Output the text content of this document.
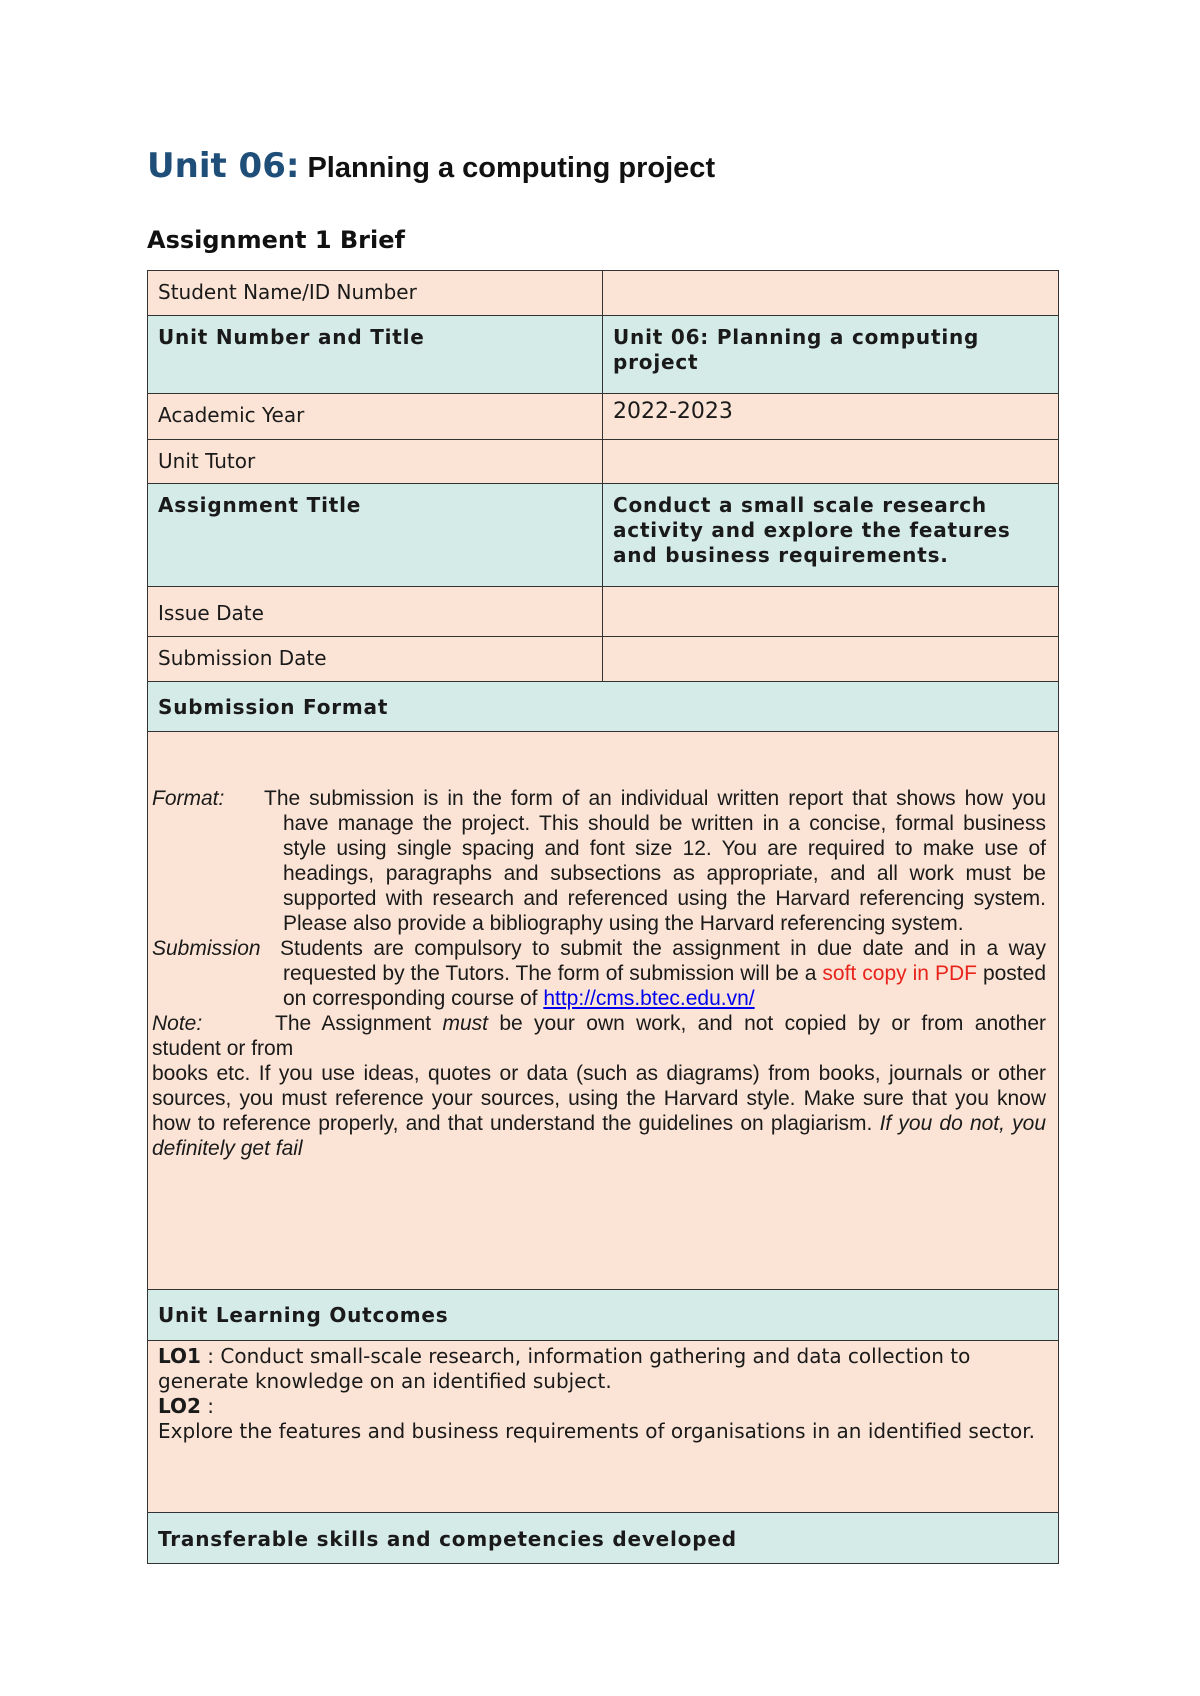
Unit 06: Planning a computing project
Assignment 1 Brief
Student Name/ID Number	
Unit Number and Title	Unit 06: Planning a computing project
Academic Year	2022-2023
Unit Tutor	
Assignment Title	Conduct a small scale research activity and explore the features and business requirements.
Issue Date	
Submission Date	
Submission Format	

Format: The submission is in the form of an individual written report that shows how you have manage the project. This should be written in a concise, formal business style using single spacing and font size 12. You are required to make use of headings, paragraphs and subsections as appropriate, and all work must be supported with research and referenced using the Harvard referencing system. Please also provide a bibliography using the Harvard referencing system.
Submission Students are compulsory to submit the assignment in due date and in a way requested by the Tutors. The form of submission will be a soft copy in PDF posted on corresponding course of http://cms.btec.edu.vn/
Note: The Assignment must be your own work, and not copied by or from another student or from
books etc. If you use ideas, quotes or data (such as diagrams) from books, journals or other sources, you must reference your sources, using the Harvard style. Make sure that you know how to reference properly, and that understand the guidelines on plagiarism. If you do not, you definitely get fail	

Unit Learning Outcomes	

LO1 : Conduct small-scale research, information gathering and data collection to generate knowledge on an identified subject.
LO2 :
Explore the features and business requirements of organisations in an identified sector.	

Transferable skills and competencies developed	
